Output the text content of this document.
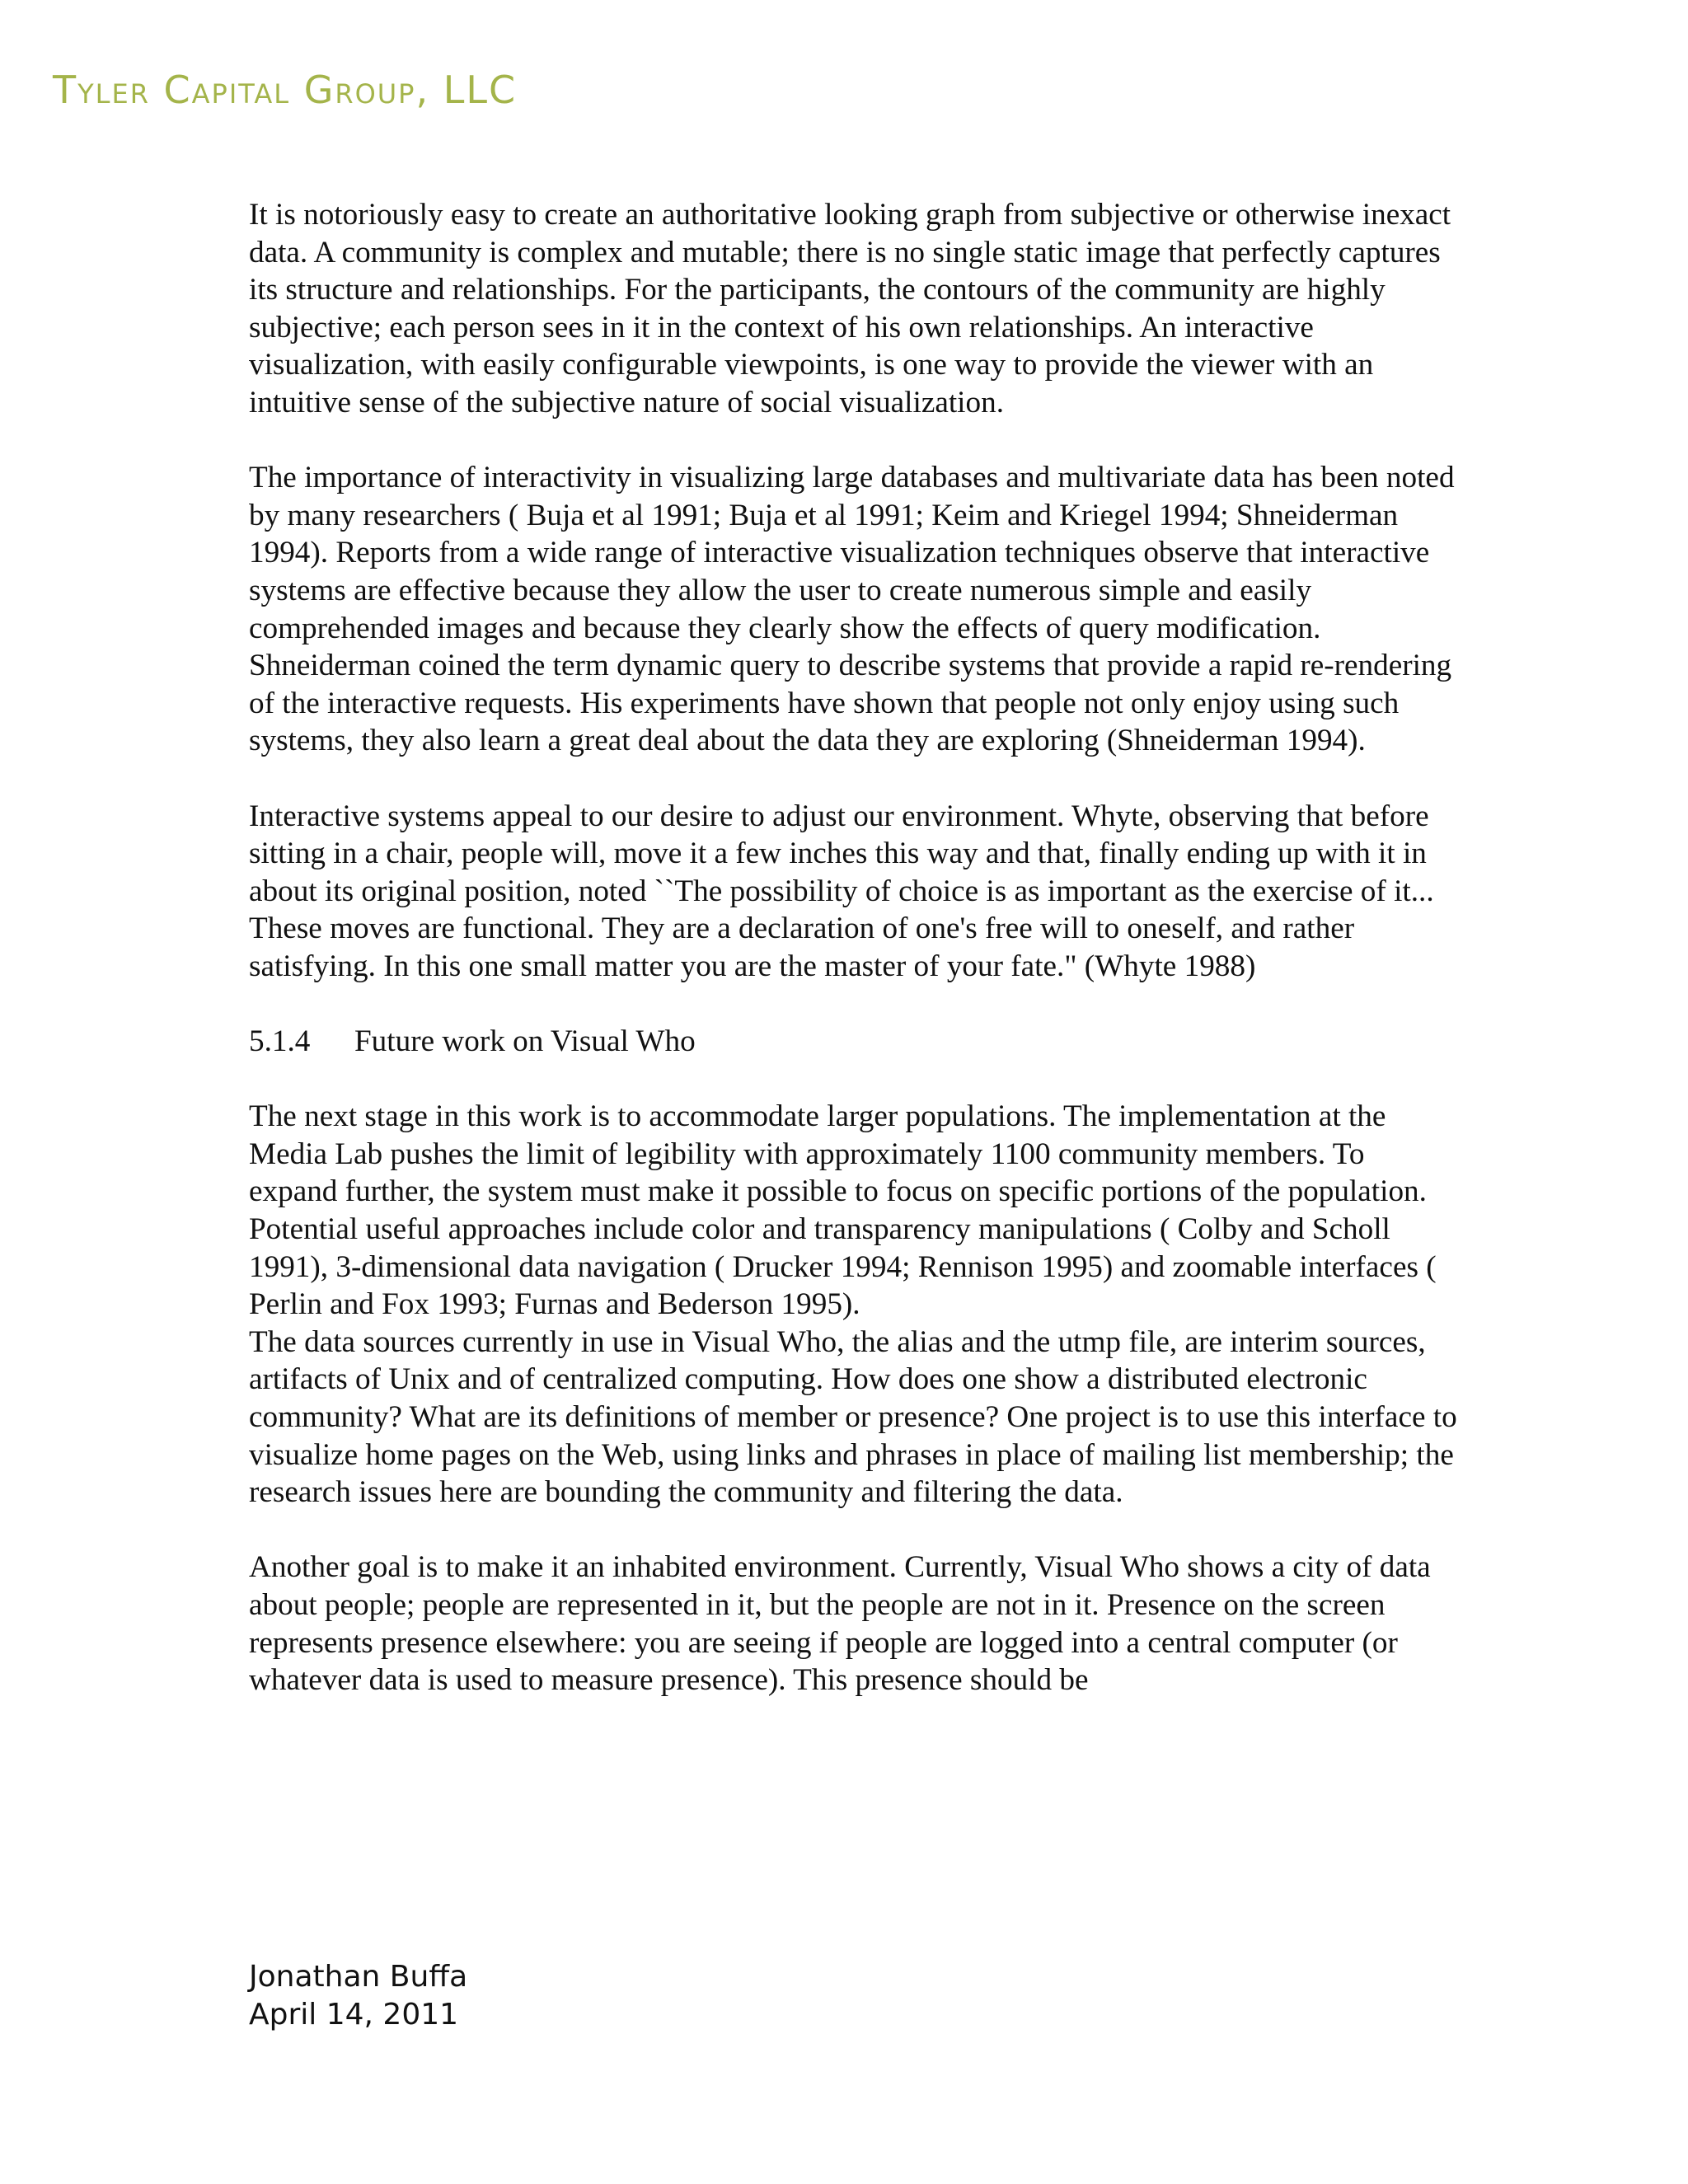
Tyler Capital Group, LLC

It is notoriously easy to create an authoritative looking graph from subjective or otherwise inexact data. A community is complex and mutable; there is no single static image that perfectly captures its structure and relationships. For the participants, the contours of the community are highly subjective; each person sees in it in the context of his own relationships. An interactive visualization, with easily configurable viewpoints, is one way to provide the viewer with an intuitive sense of the subjective nature of social visualization.

The importance of interactivity in visualizing large databases and multivariate data has been noted by many researchers ( Buja et al 1991; Buja et al 1991; Keim and Kriegel 1994; Shneiderman 1994). Reports from a wide range of interactive visualization techniques observe that interactive systems are effective because they allow the user to create numerous simple and easily comprehended images and because they clearly show the effects of query modification. Shneiderman coined the term dynamic query to describe systems that provide a rapid re-rendering of the interactive requests. His experiments have shown that people not only enjoy using such systems, they also learn a great deal about the data they are exploring (Shneiderman 1994).

Interactive systems appeal to our desire to adjust our environment. Whyte, observing that before sitting in a chair, people will, move it a few inches this way and that, finally ending up with it in about its original position, noted ``The possibility of choice is as important as the exercise of it... These moves are functional. They are a declaration of one's free will to oneself, and rather satisfying. In this one small matter you are the master of your fate." (Whyte 1988)

5.1.4 Future work on Visual Who

The next stage in this work is to accommodate larger populations. The implementation at the Media Lab pushes the limit of legibility with approximately 1100 community members. To expand further, the system must make it possible to focus on specific portions of the population. Potential useful approaches include color and transparency manipulations ( Colby and Scholl 1991), 3-dimensional data navigation ( Drucker 1994; Rennison 1995) and zoomable interfaces ( Perlin and Fox 1993; Furnas and Bederson 1995).

The data sources currently in use in Visual Who, the alias and the utmp file, are interim sources, artifacts of Unix and of centralized computing. How does one show a distributed electronic community? What are its definitions of member or presence? One project is to use this interface to visualize home pages on the Web, using links and phrases in place of mailing list membership; the research issues here are bounding the community and filtering the data.

Another goal is to make it an inhabited environment. Currently, Visual Who shows a city of data about people; people are represented in it, but the people are not in it. Presence on the screen represents presence elsewhere: you are seeing if people are logged into a central computer (or whatever data is used to measure presence). This presence should be

Jonathan Buffa
April 14, 2011
